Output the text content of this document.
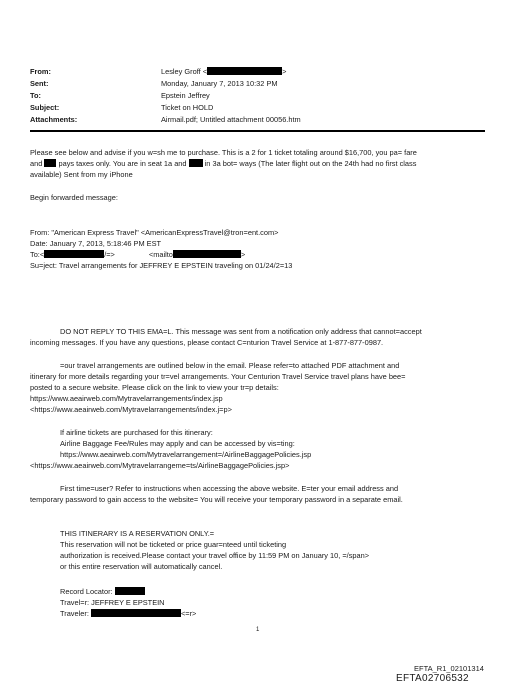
From:	Lesley Groff <	>
Sent:	Monday, January 7, 2013 10:32 PM
To:	Epstein Jeffrey
Subject:	Ticket on HOLD
Attachments:	Airmail.pdf; Untitled attachment 00056.htm
Please see below and advise if you w=sh me to purchase. This is a 2 for 1 ticket totaling around $16,700, you pa= fare
and pays taxes only. You are in seat 1a and in 3a bot= ways (The later flight out on the 24th had no first class
available) Sent from my iPhone
Begin forwarded message:
From: "American Express Travel" <AmericanExpressTravel@tron=ent.com>
Date: January 7, 2013, 5:18:46 PM EST
To:<	/=>	<mailto	>
Su=ject: Travel arrangements for JEFFREY E EPSTEIN traveling on 01/24/2=13
DO NOT REPLY TO THIS EMA=L. This message was sent from a notification only address that cannot=accept
incoming messages. If you have any questions, please contact C=nturion Travel Service at 1-877-877-0987.
=our travel arrangements are outlined below in the email. Please refer=to attached PDF attachment and
itinerary for more details regarding your tr=vel arrangements. Your Centurion Travel Service travel plans have bee=
posted to a secure website. Please click on the link to view your tr=p details:
https://www.aeairweb.com/Mytravelarrangements/index.jsp
<https://www.aeairweb.com/Mytravelarrangements/index.j=p>
If airline tickets are purchased for this itinerary:
Airline Baggage Fee/Rules may apply and can be accessed by vis=ting:
https://www.aeairweb.com/Mytravelarrangement=/AirlineBaggagePolicies.jsp
<https://www.aeairweb.com/Mytravelarrangeme=ts/AirlineBaggagePolicies.jsp>
First time=user? Refer to instructions when accessing the above website. E=ter your email address and
temporary password to gain access to the website= You will receive your temporary password in a separate email.
THIS ITINERARY IS A RESERVATION ONLY.=
This reservation will not be ticketed or price guar=nteed until ticketing
authorization is received.Please contact your travel office by 11:59 PM on January 10, =/span>
or this entire reservation will automatically cancel.
Record Locator:
Travel=r: JEFFREY E EPSTEIN
Traveler:	<=r>
1
EFTA_R1_02101314
EFTA02706532
